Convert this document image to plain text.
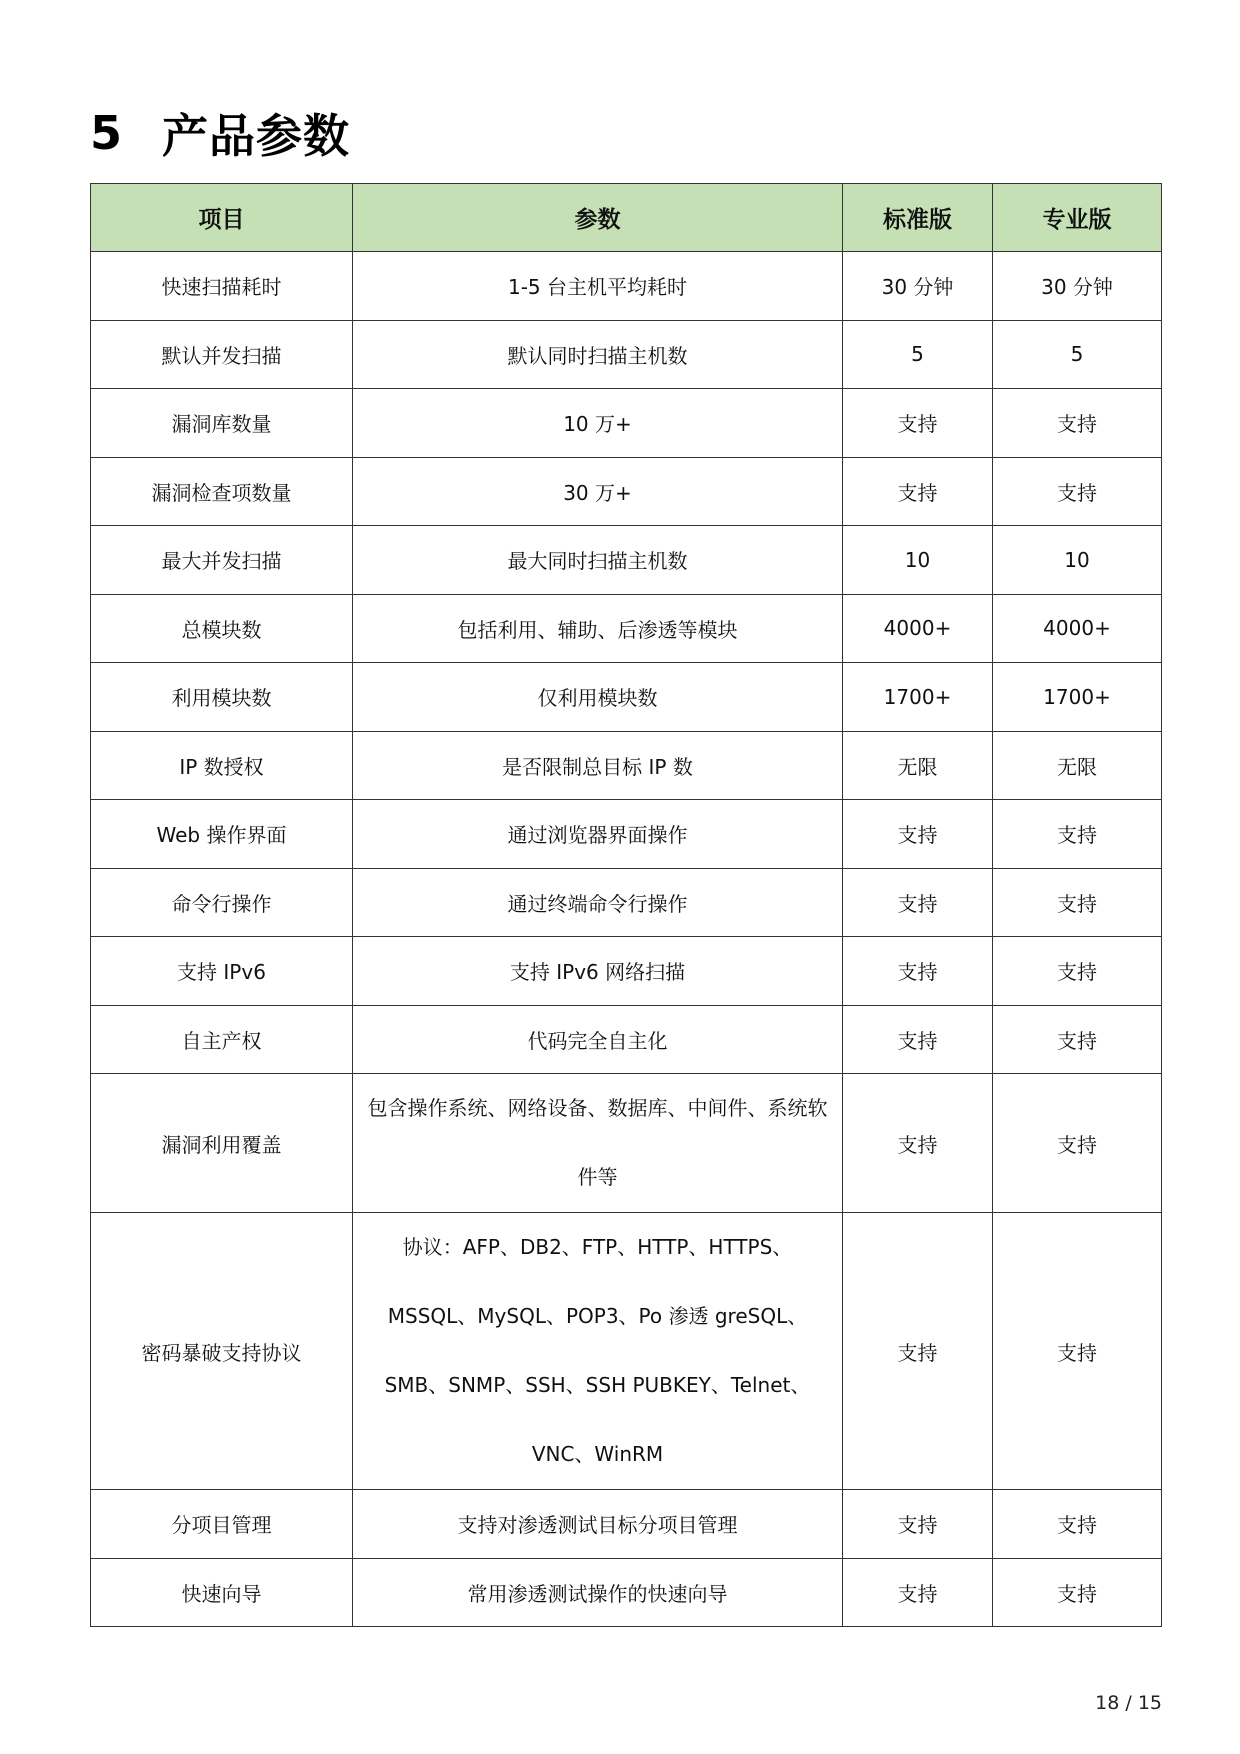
5 产品参数
项目	参数	标准版	专业版
快速扫描耗时	1-5 台主机平均耗时	30 分钟	30 分钟
默认并发扫描	默认同时扫描主机数	5	5
漏洞库数量	10 万+	支持	支持
漏洞检查项数量	30 万+	支持	支持
最大并发扫描	最大同时扫描主机数	10	10
总模块数	包括利用、辅助、后渗透等模块	4000+	4000+
利用模块数	仅利用模块数	1700+	1700+
IP 数授权	是否限制总目标 IP 数	无限	无限
Web 操作界面	通过浏览器界面操作	支持	支持
命令行操作	通过终端命令行操作	支持	支持
支持 IPv6	支持 IPv6 网络扫描	支持	支持
自主产权	代码完全自主化	支持	支持
漏洞利用覆盖	包含操作系统、网络设备、数据库、中间件、系统软件等	支持	支持
密码暴破支持协议	协议：AFP、DB2、FTP、HTTP、HTTPS、MSSQL、MySQL、POP3、Po 渗透 greSQL、SMB、SNMP、SSH、SSH PUBKEY、Telnet、VNC、WinRM	支持	支持
分项目管理	支持对渗透测试目标分项目管理	支持	支持
快速向导	常用渗透测试操作的快速向导	支持	支持
18 / 15
